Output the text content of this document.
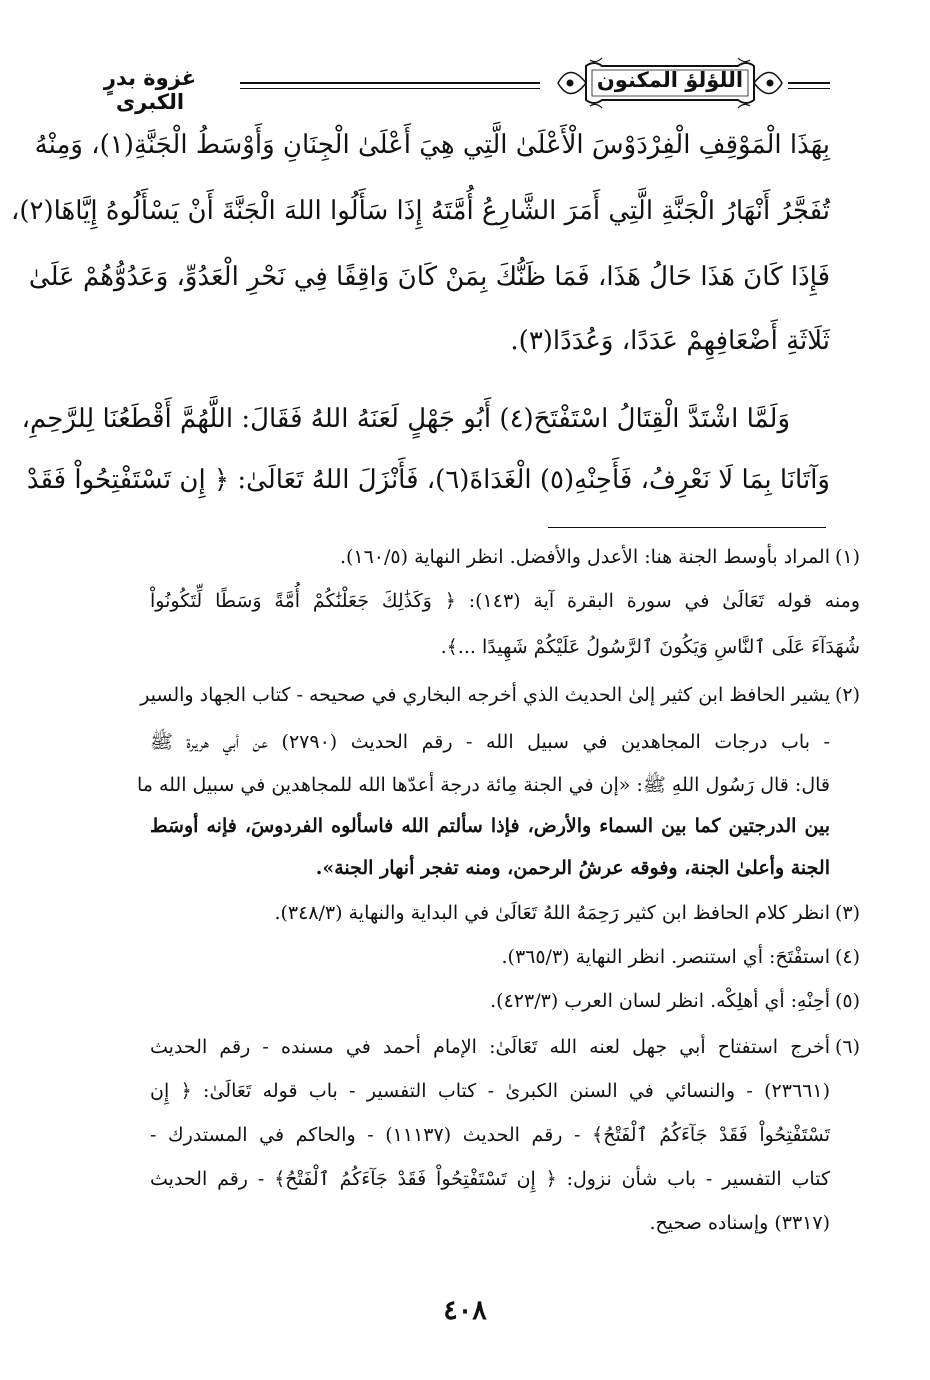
غزوة بدرٍ الكبرى
اللؤلؤ المكنون
بِهَذَا الْمَوْقِفِ الْفِرْدَوْسَ الْأَعْلَىٰ الَّتِي هِيَ أَعْلَىٰ الْجِنَانِ وَأَوْسَطُ الْجَنَّةِ(١)، وَمِنْهُ
تُفَجَّرُ أَنْهَارُ الْجَنَّةِ الَّتِي أَمَرَ الشَّارِعُ أُمَّتَهُ إِذَا سَأَلُوا اللهَ الْجَنَّةَ أَنْ يَسْأَلُوهُ إِيَّاهَا(٢)،
فَإِذَا كَانَ هَذَا حَالُ هَذَا، فَمَا ظَنُّكَ بِمَنْ كَانَ وَاقِفًا فِي نَحْرِ الْعَدُوِّ، وَعَدُوُّهُمْ عَلَىٰ
ثَلَاثَةِ أَضْعَافِهِمْ عَدَدًا، وَعُدَدًا(٣).
وَلَمَّا اشْتَدَّ الْقِتَالُ اسْتَفْتَحَ(٤) أَبُو جَهْلٍ لَعَنَهُ اللهُ فَقَالَ: اللَّهُمَّ أَقْطَعُنَا لِلرَّحِمِ،
وَآتَانَا بِمَا لَا نَعْرِفُ، فَأَحِنْهِ(٥) الْغَدَاةَ(٦)، فَأَنْزَلَ اللهُ تَعَالَىٰ: ﴿ إِن تَسْتَفْتِحُواْ فَقَدْ
(١)
المراد بأوسط الجنة هنا: الأعدل والأفضل. انظر النهاية (١٦٠/٥).
ومنه قوله تَعَالَىٰ في سورة البقرة آية (١٤٣): ﴿ وَكَذَٰلِكَ جَعَلْنَٰكُمْ أُمَّةً وَسَطًا لِّتَكُونُواْ
شُهَدَآءَ عَلَى ٱلنَّاسِ وَيَكُونَ ٱلرَّسُولُ عَلَيْكُمْ شَهِيدًا ...﴾.
(٢)
يشير الحافظ ابن كثير إلىٰ الحديث الذي أخرجه البخاري في صحيحه - كتاب الجهاد والسير
- باب درجات المجاهدين في سبيل الله - رقم الحديث (٢٧٩٠) عن أبي هريرة ﷺ
قال: قال رَسُول اللهِ ﷺ: «إن في الجنة مِائة درجة أعدّها الله للمجاهدين في سبيل الله ما
بين الدرجتين كما بين السماء والأرض، فإذا سألتم الله فاسألوه الفردوسَ، فإنه أوسَط
الجنة وأعلىٰ الجنة، وفوقه عرشُ الرحمن، ومنه تفجر أنهار الجنة».
(٣)
انظر كلام الحافظ ابن كثير رَحِمَهُ اللهُ تَعَالَىٰ في البداية والنهاية (٣٤٨/٣).
(٤)
استفْتَحَ: أي استنصر. انظر النهاية (٣٦٥/٣).
(٥)
أحِنْهِ: أي أهلِكْه. انظر لسان العرب (٤٢٣/٣).
(٦)
أخرج استفتاح أبي جهل لعنه الله تَعَالَىٰ: الإمام أحمد في مسنده - رقم الحديث
(٢٣٦٦١) - والنسائي في السنن الكبرىٰ - كتاب التفسير - باب قوله تَعَالَىٰ: ﴿ إِن
تَسْتَفْتِحُواْ فَقَدْ جَآءَكُمُ ٱلْفَتْحُ﴾ - رقم الحديث (١١١٣٧) - والحاكم في المستدرك -
كتاب التفسير - باب شأن نزول: ﴿ إِن تَسْتَفْتِحُواْ فَقَدْ جَآءَكُمُ ٱلْفَتْحُ﴾ - رقم الحديث
(٣٣١٧) وإسناده صحيح.
٤٠٨
